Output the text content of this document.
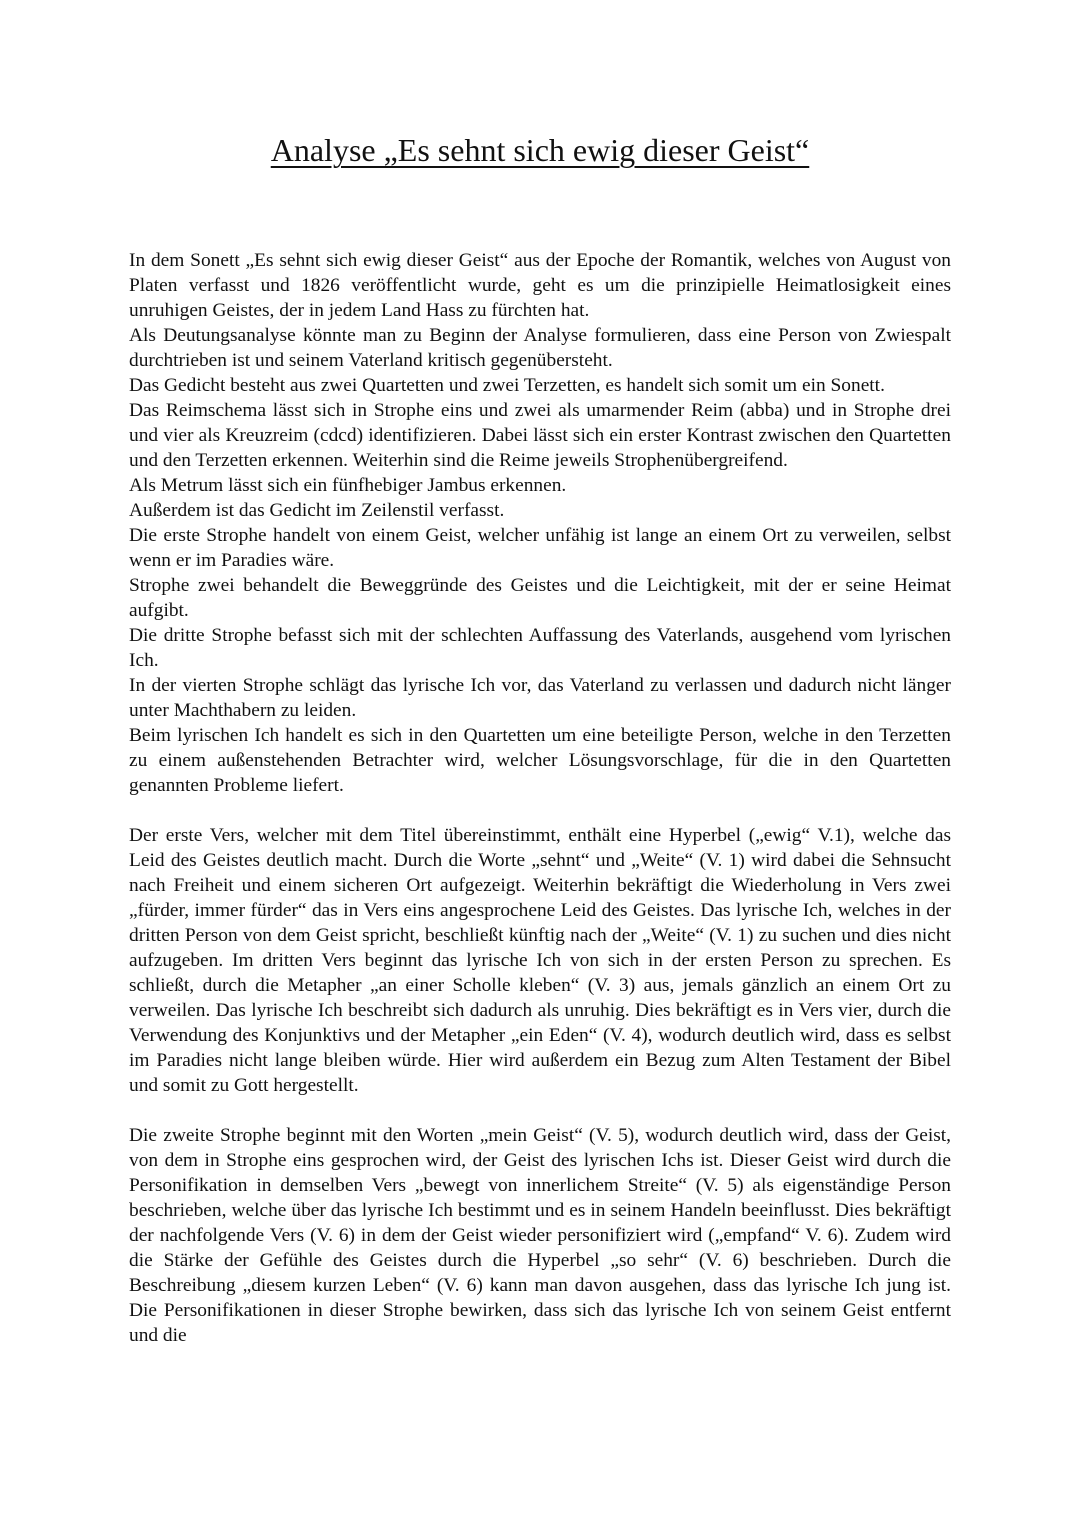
Analyse „Es sehnt sich ewig dieser Geist“

In dem Sonett „Es sehnt sich ewig dieser Geist“ aus der Epoche der Romantik, welches von August von Platen verfasst und 1826 veröffentlicht wurde, geht es um die prinzipielle Heimatlosigkeit eines unruhigen Geistes, der in jedem Land Hass zu fürchten hat.

Als Deutungsanalyse könnte man zu Beginn der Analyse formulieren, dass eine Person von Zwiespalt durchtrieben ist und seinem Vaterland kritisch gegenübersteht.

Das Gedicht besteht aus zwei Quartetten und zwei Terzetten, es handelt sich somit um ein Sonett.

Das Reimschema lässt sich in Strophe eins und zwei als umarmender Reim (abba) und in Strophe drei und vier als Kreuzreim (cdcd) identifizieren. Dabei lässt sich ein erster Kontrast zwischen den Quartetten und den Terzetten erkennen. Weiterhin sind die Reime jeweils Strophenübergreifend.

Als Metrum lässt sich ein fünfhebiger Jambus erkennen.

Außerdem ist das Gedicht im Zeilenstil verfasst.

Die erste Strophe handelt von einem Geist, welcher unfähig ist lange an einem Ort zu verweilen, selbst wenn er im Paradies wäre.

Strophe zwei behandelt die Beweggründe des Geistes und die Leichtigkeit, mit der er seine Heimat aufgibt.

Die dritte Strophe befasst sich mit der schlechten Auffassung des Vaterlands, ausgehend vom lyrischen Ich.

In der vierten Strophe schlägt das lyrische Ich vor, das Vaterland zu verlassen und dadurch nicht länger unter Machthabern zu leiden.

Beim lyrischen Ich handelt es sich in den Quartetten um eine beteiligte Person, welche in den Terzetten zu einem außenstehenden Betrachter wird, welcher Lösungsvorschlage, für die in den Quartetten genannten Probleme liefert.

Der erste Vers, welcher mit dem Titel übereinstimmt, enthält eine Hyperbel („ewig“ V.1), welche das Leid des Geistes deutlich macht. Durch die Worte „sehnt“ und „Weite“ (V. 1) wird dabei die Sehnsucht nach Freiheit und einem sicheren Ort aufgezeigt. Weiterhin bekräftigt die Wiederholung in Vers zwei „fürder, immer fürder“ das in Vers eins angesprochene Leid des Geistes. Das lyrische Ich, welches in der dritten Person von dem Geist spricht, beschließt künftig nach der „Weite“ (V. 1) zu suchen und dies nicht aufzugeben. Im dritten Vers beginnt das lyrische Ich von sich in der ersten Person zu sprechen. Es schließt, durch die Metapher „an einer Scholle kleben“ (V. 3) aus, jemals gänzlich an einem Ort zu verweilen. Das lyrische Ich beschreibt sich dadurch als unruhig. Dies bekräftigt es in Vers vier, durch die Verwendung des Konjunktivs und der Metapher „ein Eden“ (V. 4), wodurch deutlich wird, dass es selbst im Paradies nicht lange bleiben würde. Hier wird außerdem ein Bezug zum Alten Testament der Bibel und somit zu Gott hergestellt.

Die zweite Strophe beginnt mit den Worten „mein Geist“ (V. 5), wodurch deutlich wird, dass der Geist, von dem in Strophe eins gesprochen wird, der Geist des lyrischen Ichs ist. Dieser Geist wird durch die Personifikation in demselben Vers „bewegt von innerlichem Streite“ (V. 5) als eigenständige Person beschrieben, welche über das lyrische Ich bestimmt und es in seinem Handeln beeinflusst. Dies bekräftigt der nachfolgende Vers (V. 6) in dem der Geist wieder personifiziert wird („empfand“ V. 6). Zudem wird die Stärke der Gefühle des Geistes durch die Hyperbel „so sehr“ (V. 6) beschrieben. Durch die Beschreibung „diesem kurzen Leben“ (V. 6) kann man davon ausgehen, dass das lyrische Ich jung ist. Die Personifikationen in dieser Strophe bewirken, dass sich das lyrische Ich von seinem Geist entfernt und die
